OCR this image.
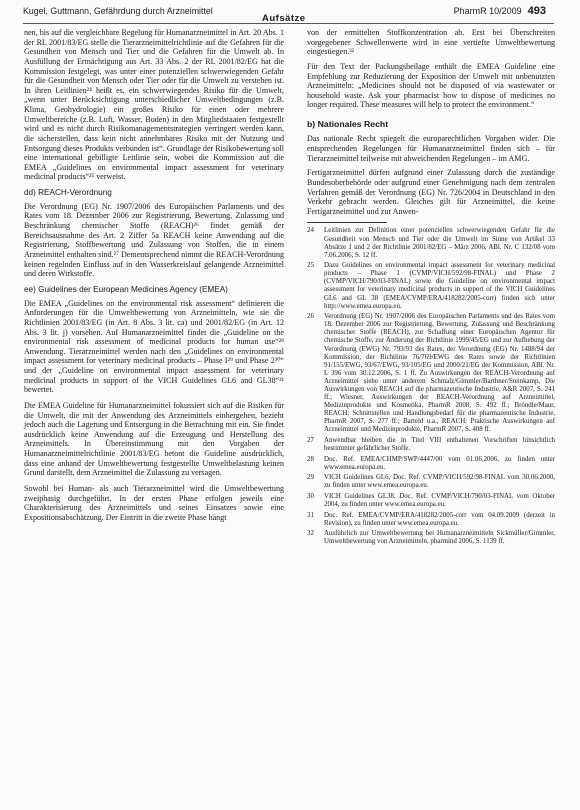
Kugel, Guttmann, Gefährdung durch Arzneimittel
Aufsätze
PharmR 10/2009 493

nen, bis auf die vergleichbare Regelung für Humanarzneimittel in Art. 20 Abs. 1 der RL 2001/83/EG stelle die Tierarzneimittelrichtlinie auf die Gefahren für die Gesundheit von Mensch und Tier und die Gefahren für die Umwelt ab. In Ausfüllung der Ermächtigung aus Art. 33 Abs. 2 der RL 2001/82/EG hat die Kommission festgelegt, was unter einer potenziellen schwerwiegenden Gefahr für die Gesundheit von Mensch oder Tier oder für die Umwelt zu verstehen ist. In ihren Leitlinien²⁴ heißt es, ein schwerwiegendes Risiko für die Umwelt, „wenn unter Berücksichtigung unterschiedlicher Umweltbedingungen (z.B. Klima, Geohydrologie) ein großes Risiko für einen oder mehrere Umweltbereiche (z.B. Luft, Wasser, Boden) in den Mitgliedstaaten festgestellt wird und es nicht durch Risikomanagementstrategien verringert werden kann, die sicherstellen, dass kein nicht annehmbares Risiko mit der Nutzung und Entsorgung dieses Produkts verbunden ist“. Grundlage der Risikobewertung soll eine international gebilligte Leitlinie sein, wobei die Kommission auf die EMEA „Guidelines on environmental impact assessment for veterinary medicinal products“²⁵ verweist.

dd) REACH-Verordnung

Die Verordnung (EG) Nr. 1907/2006 des Europäischen Parlaments und des Rates vom 18. Dezember 2006 zur Registrierung, Bewertung, Zulassung und Beschränkung chemischer Stoffe (REACH)²⁶ findet gemäß der Bereichsausnahme des Art. 2 Ziffer 5a REACH keine Anwendung auf die Registrierung, Stoffbewertung und Zulassung von Stoffen, die in einem Arzneimittel enthalten sind.²⁷ Dementsprechend nimmt die REACH-Verordnung keinen regelnden Einfluss auf in den Wasserkreislauf gelangende Arzneimittel und deren Wirkstoffe.

ee) Guidelines der European Medicines Agency (EMEA)

Die EMEA „Guidelines on the environmental risk assessment“ definieren die Anforderungen für die Umweltbewertung von Arzneimitteln, wie sie die Richtlinien 2001/83/EG (in Art. 8 Abs. 3 lit. ca) und 2001/82/EG (in Art. 12 Abs. 3 lit. j) vorsehen. Auf Humanarzneimittel findet die „Guideline on the environmental risk assessment of medicinal products for human use“²⁸ Anwendung. Tierarzneimittel werden nach den „Guidelines on environmental impact assessment for veterinary medicinal products – Phase I²⁹ und Phase 2³⁰“ und der „Guideline on environmental impact assessment for veterinary medicinal products in support of the VICH Guidelines GL6 and GL38“³¹ bewertet.

Die EMEA Guideline für Humanarzneimittel fokussiert sich auf die Risiken für die Umwelt, die mit der Anwendung des Arzneimittels einhergehen, bezieht jedoch auch die Lagerung und Entsorgung in die Betrachtung mit ein. Sie findet ausdrücklich keine Anwendung auf die Erzeugung und Herstellung des Arzneimittels. In Übereinstimmung mit den Vorgaben der Humanarzneimittelrichtlinie 2001/83/EG betont die Guideline ausdrücklich, dass eine anhand der Umweltbewertung festgestellte Umweltbelastung keinen Grund darstellt, dem Arzneimittel die Zulassung zu versagen.

Sowohl bei Human- als auch Tierarzneimittel wird die Umweltbewertung zweiphasig durchgeführt. In der ersten Phase erfolgen jeweils eine Charakterisierung des Arzneimittels und seines Einsatzes sowie eine Expositionsabschätzung. Der Eintritt in die zweite Phase hängt

von der ermittelten Stoffkonzentration ab. Erst bei Überschreiten vorgegebener Schwellenwerte wird in eine vertiefte Umweltbewertung eingestiegen.³²

Für den Text der Packungsbeilage enthält die EMEA Guideline eine Empfehlung zur Reduzierung der Exposition der Umwelt mit unbenutzten Arzneimitteln: „Medicines should not be disposed of via wastewater or household waste. Ask your pharmacist how to dispose of medicines no longer required. These measures will help to protect the environment.“

b) Nationales Recht

Das nationale Recht spiegelt die europarechtlichen Vorgaben wider. Die entsprechenden Regelungen für Humanarzneimittel finden sich – für Tierarzneimittel teilweise mit abweichenden Regelungen – im AMG.

Fertigarzneimittel dürfen aufgrund einer Zulassung durch die zuständige Bundesoberbehörde oder aufgrund einer Genehmigung nach dem zentralen Verfahren gemäß der Verordnung (EG) Nr. 726/2004 in Deutschland in den Verkehr gebracht werden. Gleiches gilt für Arzneimittel, die keine Fertigarzneimittel und zur Anwen-

24	Leitlinien zur Definition einer potenziellen schwerwiegenden Gefahr für die Gesundheit von Mensch und Tier oder die Umwelt im Sinne von Artikel 33 Absätze 1 und 2 der Richtlinie 2001/82/EG – März 2006, ABl. Nr. C 132/08 vom 7.06.2006, S. 12 ff.
25	Dazu Guidelines on environmental impact assessment for veterinary medicinal products – Phase 1 (CVMP/VICH/592/98-FINAL) und Phase 2 (CVMP/VICH/790/03-FINAL) sowie die Guideline on environmental impact assessment for veterinary medicinal products in support of the VICH Guidelines GL6 and GL 38 (EMEA/CVMP/ERA/418282/2005-corr) finden sich unter http://www.emea.europa.eu.
26	Verordnung (EG) Nr. 1907/2006 des Europäischen Parlaments und des Rates vom 18. Dezember 2006 zur Registrierung, Bewertung, Zulassung und Beschränkung chemischer Stoffe (REACH), zur Schaffung einer Europäischen Agentur für chemische Stoffe, zur Änderung der Richtlinie 1999/45/EG und zur Aufhebung der Verordnung (EWG) Nr. 793/93 des Rates, der Verordnung (EG) Nr. 1488/94 der Kommission, der Richtlinie 76/769/EWG des Rates sowie der Richtlinien 91/155/EWG, 93/67/EWG, 93/105/EG und 2000/21/EG der Kommission, ABl. Nr. L 396 vom 30.12.2006, S. 1 ff. Zu Auswirkungen der REACH-Verordnung auf Arzneimittel siehe unter anderem Schmalz/Gimmler/Barthner/Steinkamp, Die Auswirkungen von REACH auf die pharmazeutische Industrie, A&R 2007, S. 241 ff.; Wiesner, Auswirkungen der REACH-Verordnung auf Arzneimittel, Medizinprodukte und Kosmetika, PharmR 2008, S. 492 ff.; Bröndle/Maur, REACH: Schnittstellen und Handlungsbedarf für die pharmazeutische Industrie, PharmR 2007, S. 277 ff.; Barteld u.a., REACH: Praktische Auswirkungen auf Arzneimittel und Medizinprodukte, PharmR 2007, S. 408 ff.
27	Anwendbar bleiben die in Titel VIII enthaltenen Vorschriften hinsichtlich bestimmter gefährlicher Stoffe.
28	Doc. Ref. EMEA/CHMP/SWP/4447/00 vom 01.06.2006, zu finden unter www.emea.europa.eu.
29	VICH Guidelines GL6, Doc. Ref. CVMP/VICH/592/98-FINAL vom 30.06.2000, zu finden unter www.emea.europa.eu.
30	VICH Guidelines GL38, Doc. Ref. CVMP/VICH/790/03-FINAL vom Oktober 2004, zu finden unter www.emea.europa.eu.
31	Doc. Ref. EMEA/CVMP/ERA/418282/2005-corr vom 04.09.2009 (derzeit in Revision), zu finden unter www.emea.europa.eu.
32	Ausführlich zur Umweltbewertung bei Humanarzneimitteln Sickmüller/Gimmler, Umweltbewertung von Arzneimitteln, pharmind 2006, S. 1139 ff.
